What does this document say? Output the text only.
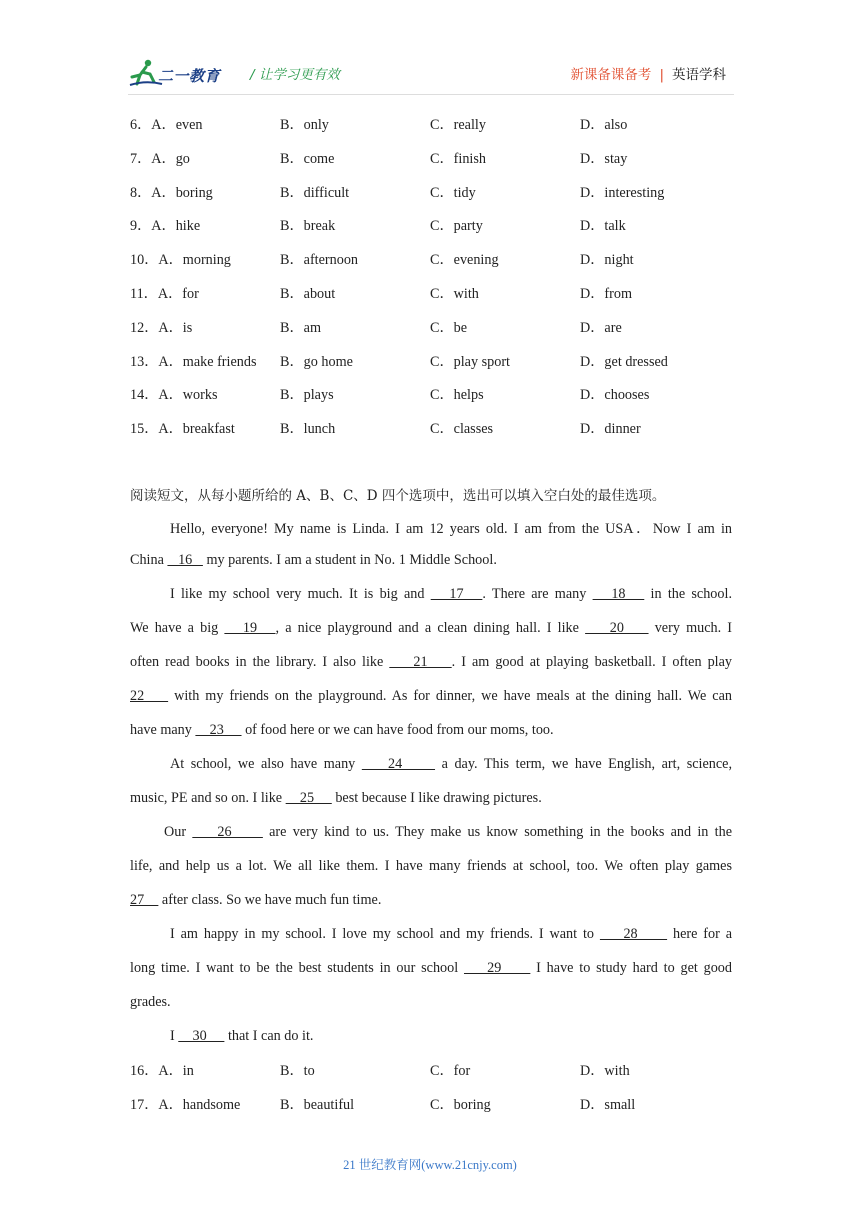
二一教育 / 让学习更有效	新课备课备考 | 英语学科
6．A．even	B．only	C．really	D．also
7．A．go	B．come	C．finish	D．stay
8．A．boring	B．difficult	C．tidy	D．interesting
9．A．hike	B．break	C．party	D．talk
10．A．morning	B．afternoon	C．evening	D．night
11．A．for	B．about	C．with	D．from
12．A．is	B．am	C．be	D．are
13．A．make friends B．go home	C．play sport	D．get dressed
14．A．works	B．plays	C．helps	D．chooses
15．A．breakfast	B．lunch	C．classes	D．dinner
阅读短文，从每小题所给的 A、B、C、D 四个选项中，选出可以填入空白处的最佳选项。
Hello, everyone! My name is Linda. I am 12 years old. I am from the USA．Now I am in
China    16    my parents. I am a student in No. 1 Middle School.
I like my school very much. It is big and    17   . There are many    18    in the school.
We have a big    19   , a nice playground and a clean dining hall. I like     20     very much. I
often read books in the library. I also like     21    . I am good at playing basketball. I often play
22     with my friends on the playground. As for dinner, we have meals at the dining hall. We can
have many     23      of food here or we can have food from our moms, too.
At school, we also have many     24      a day. This term, we have English, art, science,
music, PE and so on. I like     25      best because I like drawing pictures.
Our     26      are very kind to us. They make us know something in the books and in the
life, and help us a lot. We all like them. I have many friends at school, too. We often play games
27     after class. So we have much fun time.
I am happy in my school. I love my school and my friends. I want to     28      here for a
long time. I want to be the best students in our school     29      I have to study hard to get good
grades.
I     30      that I can do it.
16．A．in	B．to	C．for	D．with
17．A．handsome	B．beautiful	C．boring	D．small
21 世纪教育网(www.21cnjy.com)
